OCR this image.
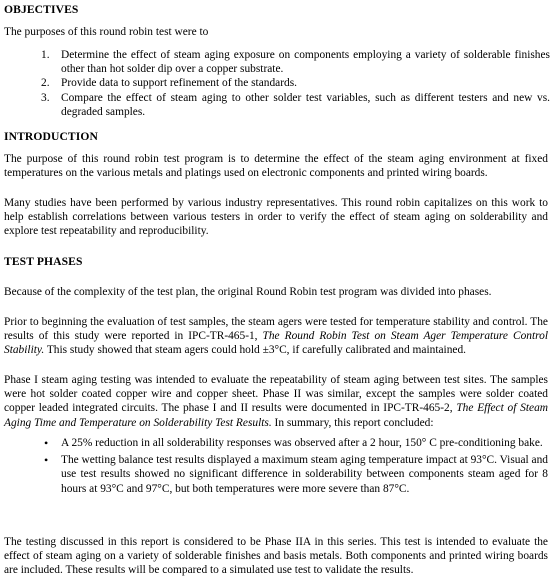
OBJECTIVES

The purposes of this round robin test were to

1. Determine the effect of steam aging exposure on components employing a variety of solderable finishes other than hot solder dip over a copper substrate.
2. Provide data to support refinement of the standards.
3. Compare the effect of steam aging to other solder test variables, such as different testers and new vs. degraded samples.
INTRODUCTION

The purpose of this round robin test program is to determine the effect of the steam aging environment at fixed temperatures on the various metals and platings used on electronic components and printed wiring boards.

Many studies have been performed by various industry representatives. This round robin capitalizes on this work to help establish correlations between various testers in order to verify the effect of steam aging on solderability and explore test repeatability and reproducibility.

TEST PHASES

Because of the complexity of the test plan, the original Round Robin test program was divided into phases.

Prior to beginning the evaluation of test samples, the steam agers were tested for temperature stability and control. The results of this study were reported in IPC-TR-465-1, The Round Robin Test on Steam Ager Temperature Control Stability. This study showed that steam agers could hold ±3°C, if carefully calibrated and maintained.

Phase I steam aging testing was intended to evaluate the repeatability of steam aging between test sites. The samples were hot solder coated copper wire and copper sheet. Phase II was similar, except the samples were solder coated copper leaded integrated circuits. The phase I and II results were documented in IPC-TR-465-2, The Effect of Steam Aging Time and Temperature on Solderability Test Results. In summary, this report concluded:

• A 25% reduction in all solderability responses was observed after a 2 hour, 150° C pre-conditioning bake.
• The wetting balance test results displayed a maximum steam aging temperature impact at 93°C. Visual and use test results showed no significant difference in solderability between components steam aged for 8 hours at 93°C and 97°C, but both temperatures were more severe than 87°C.

The testing discussed in this report is considered to be Phase IIA in this series. This test is intended to evaluate the effect of steam aging on a variety of solderable finishes and basis metals. Both components and printed wiring boards are included. These results will be compared to a simulated use test to validate the results.
